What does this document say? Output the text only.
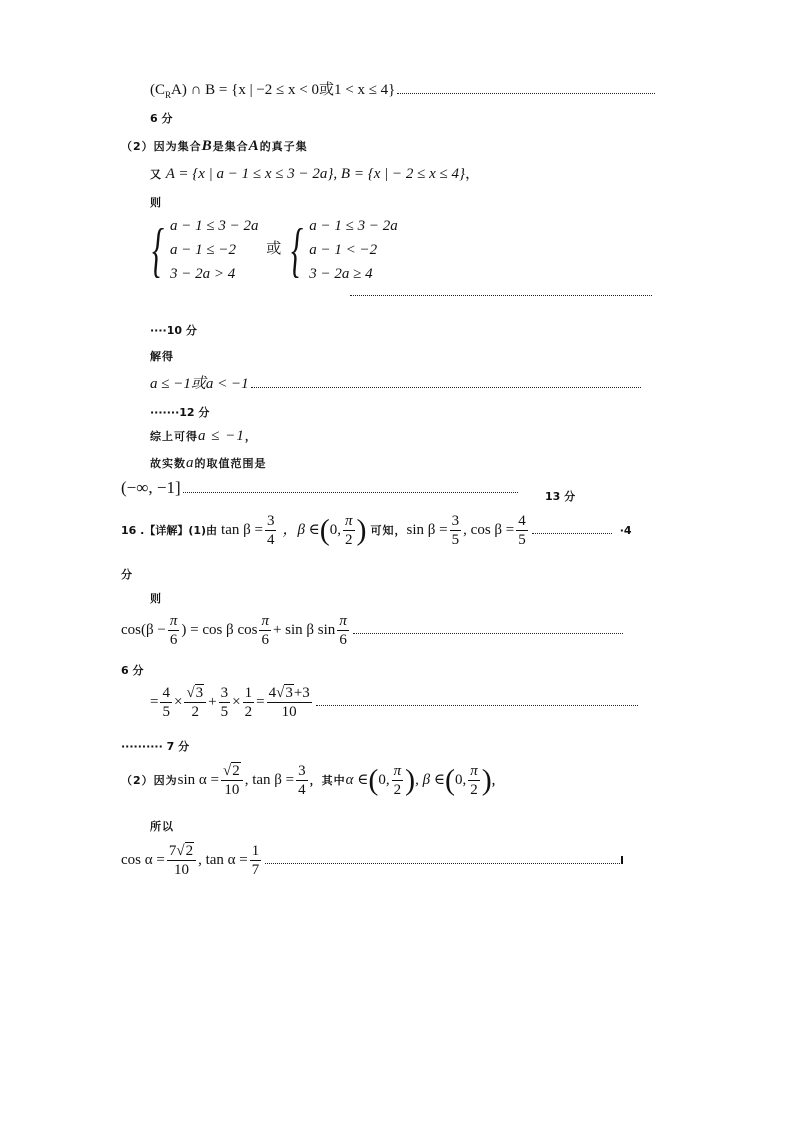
$(C_RA)$ ∩ B = {x | −2 ≤ x < 0或1 < x ≤ 4}
6 分
（2）因为集合B是集合A的真子集
又 A = {x | a − 1 ≤ x ≤ 3 − 2a}, B = {x | − 2 ≤ x ≤ 4}，
则
{ a − 1 ≤ 3 − 2a
a − 1 ≤ −2
3 − 2a > 4
或 { a − 1 ≤ 3 − 2a
a − 1 < −2
3 − 2a ≥ 4
····10 分
解得
a ≤ −1或a < −1
·······12 分
综上可得a ≤ −1，
故实数a的取值范围是
(−∞, −1]	13 分
16 .【详解】(1)由 $\tan \beta = \frac{3}{4}$ ，β ∈(0, $\frac{\pi}{2}$ ) 可知，$\sin \beta = \frac{3}{5}$ , $\cos \beta = \frac{4}{5}$	·4
分
则
$\cos(\beta - \frac{\pi}{6}$ ) = cos β $\cos \frac{\pi}{6} + \sin \beta$ $\sin \frac{\pi}{6}$
6 分
= $\frac{4}{5} \times \frac{√3}{2} + \frac{3}{5} \times \frac{1}{2} = \frac{4√3+3}{10}$
·········· 7 分
（2）因为$\sin \alpha = \frac{√2}{10}$ , $\tan \beta = \frac{3}{4}$ ，其中α ∈(0, $\frac{\pi}{2}$ ), β ∈(0, $\frac{\pi}{2}$ )，
所以
$\cos \alpha = \frac{7√2}{10}$ , $\tan \alpha = \frac{1}{7}$
